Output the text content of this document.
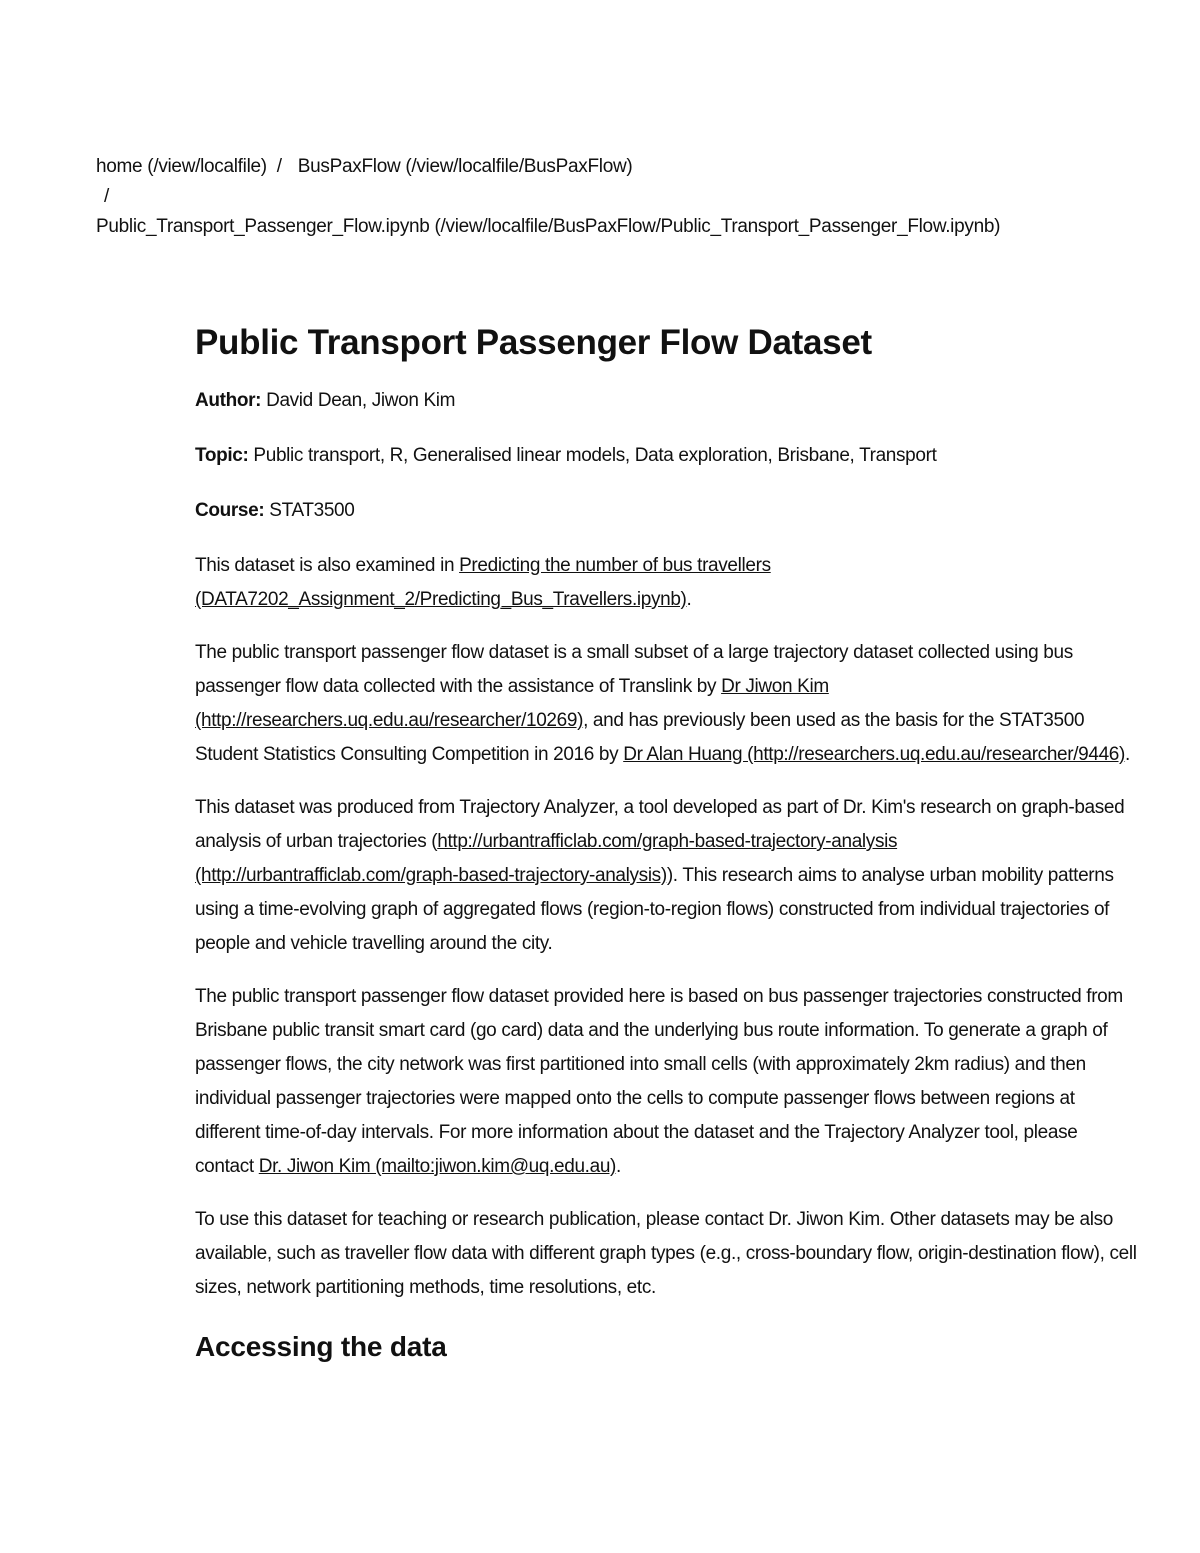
home (/view/localfile) / BusPaxFlow (/view/localfile/BusPaxFlow)
/
Public_Transport_Passenger_Flow.ipynb (/view/localfile/BusPaxFlow/Public_Transport_Passenger_Flow.ipynb)
Public Transport Passenger Flow Dataset

Author: David Dean, Jiwon Kim

Topic: Public transport, R, Generalised linear models, Data exploration, Brisbane, Transport

Course: STAT3500

This dataset is also examined in Predicting the number of bus travellers (DATA7202_Assignment_2/Predicting_Bus_Travellers.ipynb).

The public transport passenger flow dataset is a small subset of a large trajectory dataset collected using bus passenger flow data collected with the assistance of Translink by Dr Jiwon Kim (http://researchers.uq.edu.au/researcher/10269), and has previously been used as the basis for the STAT3500 Student Statistics Consulting Competition in 2016 by Dr Alan Huang (http://researchers.uq.edu.au/researcher/9446).

This dataset was produced from Trajectory Analyzer, a tool developed as part of Dr. Kim's research on graph-based analysis of urban trajectories (http://urbantrafficlab.com/graph-based-trajectory-analysis (http://urbantrafficlab.com/graph-based-trajectory-analysis)). This research aims to analyse urban mobility patterns using a time-evolving graph of aggregated flows (region-to-region flows) constructed from individual trajectories of people and vehicle travelling around the city.

The public transport passenger flow dataset provided here is based on bus passenger trajectories constructed from Brisbane public transit smart card (go card) data and the underlying bus route information. To generate a graph of passenger flows, the city network was first partitioned into small cells (with approximately 2km radius) and then individual passenger trajectories were mapped onto the cells to compute passenger flows between regions at different time-of-day intervals. For more information about the dataset and the Trajectory Analyzer tool, please contact Dr. Jiwon Kim (mailto:jiwon.kim@uq.edu.au).

To use this dataset for teaching or research publication, please contact Dr. Jiwon Kim. Other datasets may be also available, such as traveller flow data with different graph types (e.g., cross-boundary flow, origin-destination flow), cell sizes, network partitioning methods, time resolutions, etc.

Accessing the data
